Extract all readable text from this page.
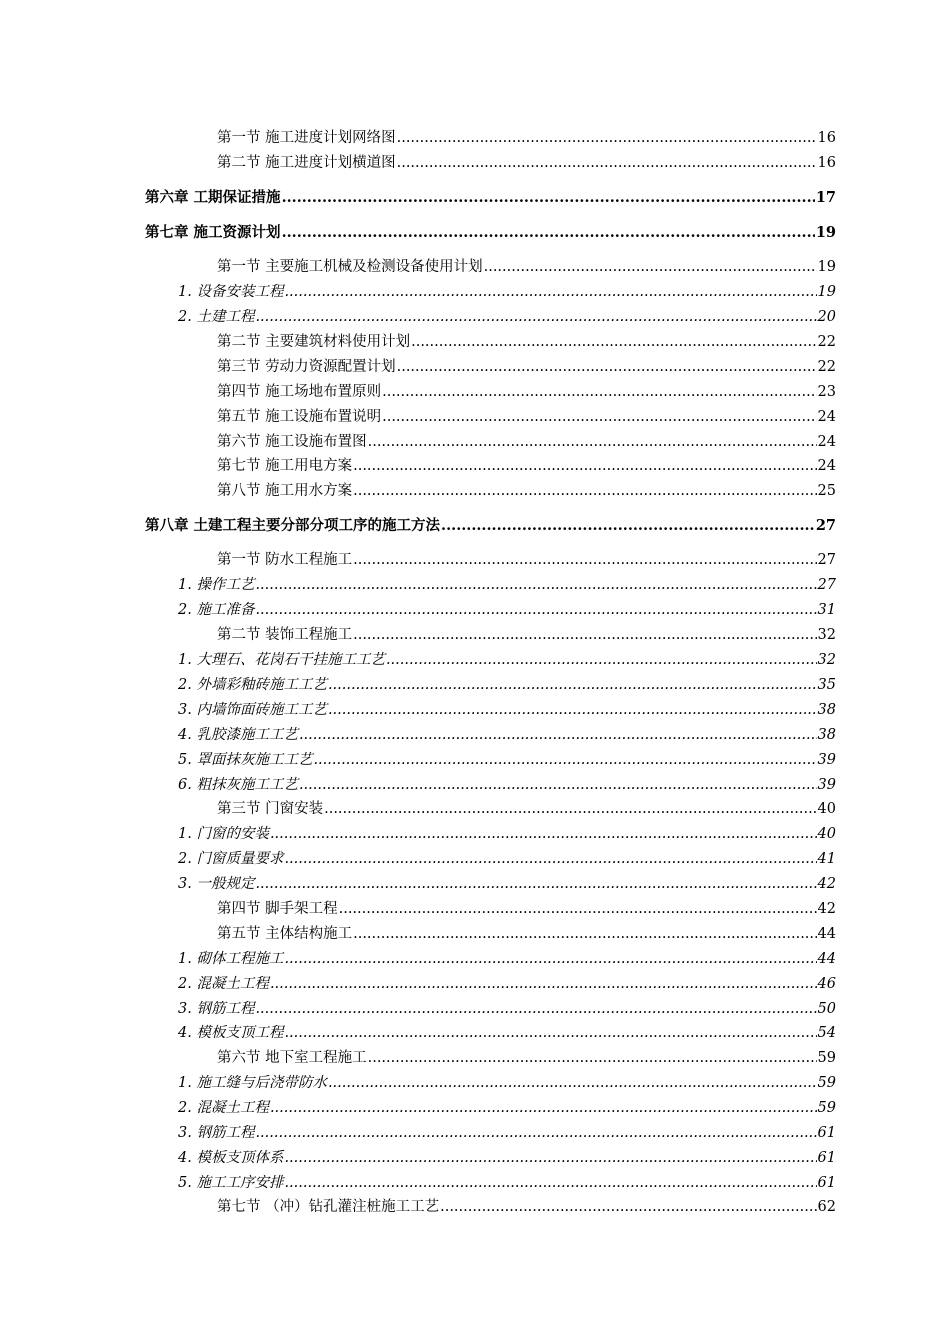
第一节 施工进度计划网络图 .....	16
第二节 施工进度计划横道图 .....	16
第六章 工期保证措施 .....	17
第七章 施工资源计划 .....	19
第一节 主要施工机械及检测设备使用计划 .....	19
1. 设备安装工程 .....	19
2. 土建工程 .....	20
第二节 主要建筑材料使用计划 .....	22
第三节 劳动力资源配置计划 .....	22
第四节 施工场地布置原则 .....	23
第五节 施工设施布置说明 .....	24
第六节 施工设施布置图 .....	24
第七节 施工用电方案 .....	24
第八节 施工用水方案 .....	25
第八章 土建工程主要分部分项工序的施工方法 .....	27
第一节 防水工程施工 .....	27
1. 操作工艺 .....	27
2. 施工准备 .....	31
第二节 装饰工程施工 .....	32
1. 大理石、花岗石干挂施工工艺 .....	32
2. 外墙彩釉砖施工工艺 .....	35
3. 内墙饰面砖施工工艺 .....	38
4. 乳胶漆施工工艺 .....	38
5. 罩面抹灰施工工艺 .....	39
6. 粗抹灰施工工艺 .....	39
第三节 门窗安装 .....	40
1. 门窗的安装 .....	40
2. 门窗质量要求 .....	41
3. 一般规定 .....	42
第四节 脚手架工程 .....	42
第五节 主体结构施工 .....	44
1. 砌体工程施工 .....	44
2. 混凝土工程 .....	46
3. 钢筋工程 .....	50
4. 模板支顶工程 .....	54
第六节 地下室工程施工 .....	59
1. 施工缝与后浇带防水 .....	59
2. 混凝土工程 .....	59
3. 钢筋工程 .....	61
4. 模板支顶体系 .....	61
5. 施工工序安排 .....	61
第七节 （冲）钻孔灌注桩施工工艺 .....	62
